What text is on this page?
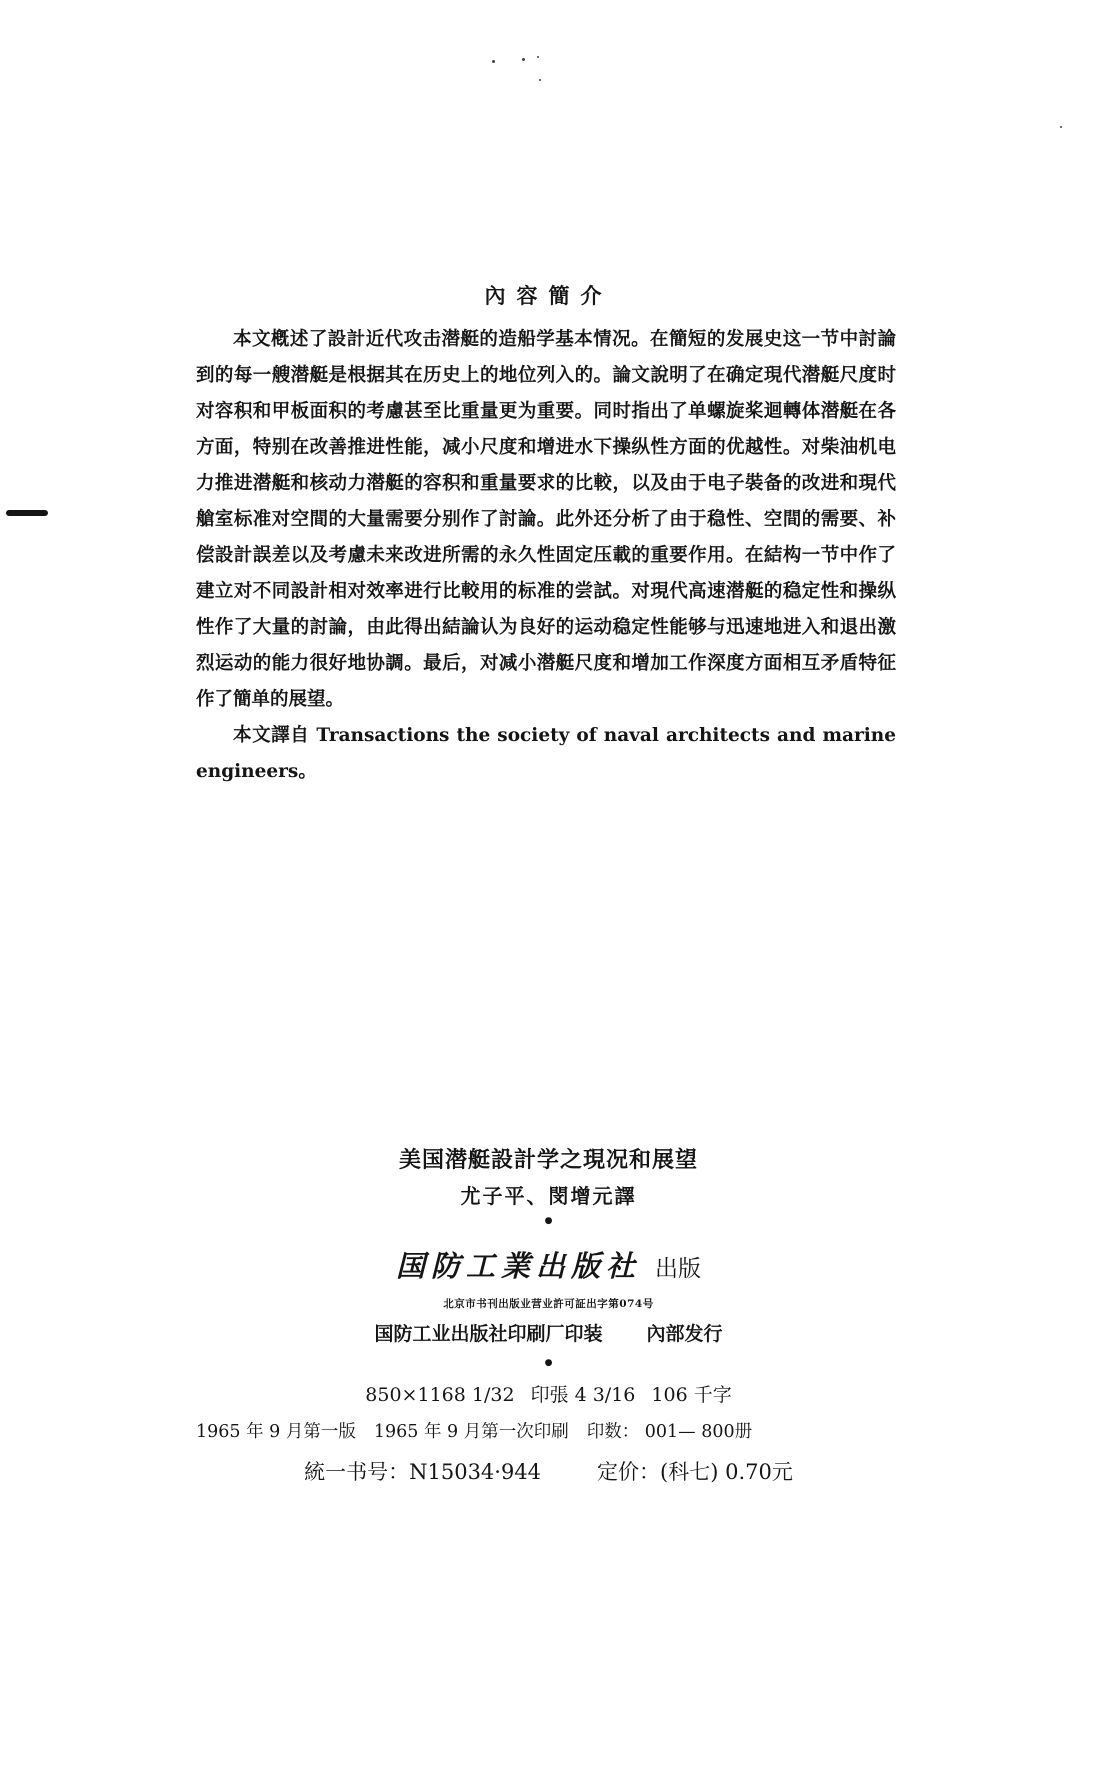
內容簡介

本文槪述了設計近代攻击潜艇的造船学基本情况。在簡短的发展史这一节中討論到的每一艘潜艇是根据其在历史上的地位列入的。論文說明了在确定現代潜艇尺度时对容积和甲板面积的考慮甚至比重量更为重要。同时指出了单螺旋桨迴轉体潜艇在各方面，特别在改善推进性能，减小尺度和增进水下操纵性方面的优越性。对柴油机电力推进潜艇和核动力潜艇的容积和重量要求的比較，以及由于电子裝备的改进和現代艙室标准对空間的大量需要分别作了討論。此外还分析了由于稳性、空間的需要、补偿設計誤差以及考慮未来改进所需的永久性固定压載的重要作用。在結构一节中作了建立对不同設計相对效率进行比較用的标准的尝試。对現代高速潜艇的稳定性和操纵性作了大量的討論，由此得出結論认为良好的运动稳定性能够与迅速地进入和退出激烈运动的能力很好地协調。最后，对减小潜艇尺度和增加工作深度方面相互矛盾特征作了簡单的展望。

本文譯自 Transactions the society of naval architects and marine engineers。

美国潜艇設計学之現况和展望
尤子平、閔增元譯
●
国防工業出版社 出版
北京市书刊出版业营业許可証出字第074号
国防工业出版社印刷厂印装 內部发行
●
850×1168 1/32 印張 4 3/16 106 千字
1965 年 9 月第一版 1965 年 9 月第一次印刷 印数： 001— 800册
統一书号：N15034·944	定价：(科七) 0.70元
